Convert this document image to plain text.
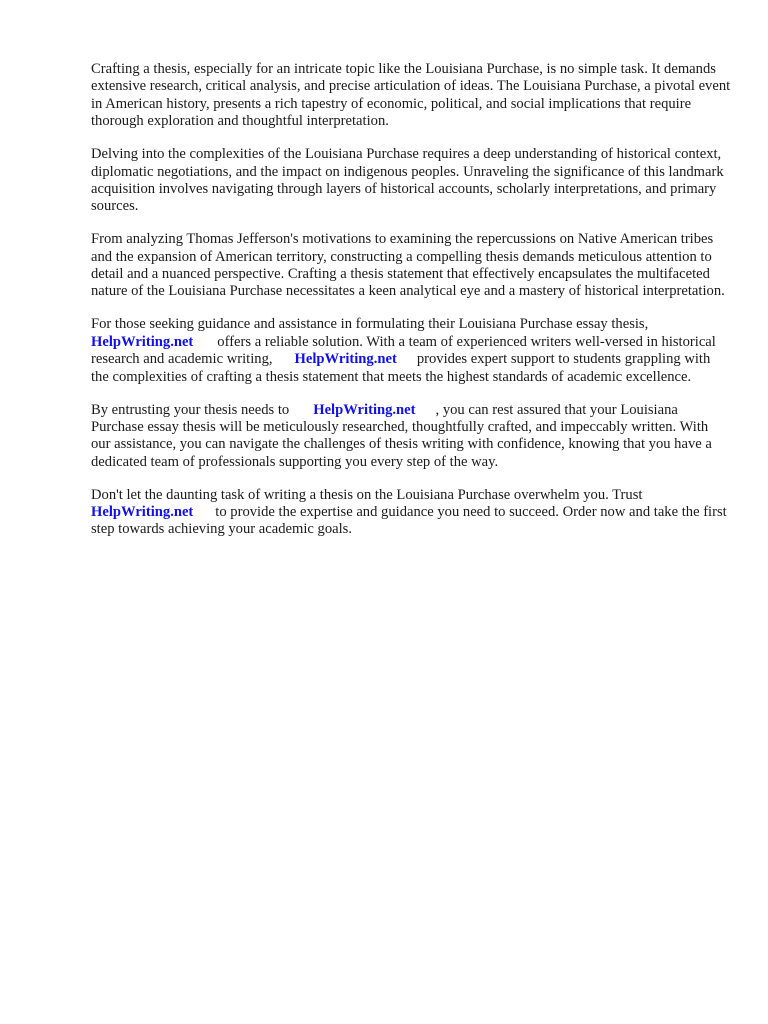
Crafting a thesis, especially for an intricate topic like the Louisiana Purchase, is no simple task. It demands extensive research, critical analysis, and precise articulation of ideas. The Louisiana Purchase, a pivotal event in American history, presents a rich tapestry of economic, political, and social implications that require thorough exploration and thoughtful interpretation.

Delving into the complexities of the Louisiana Purchase requires a deep understanding of historical context, diplomatic negotiations, and the impact on indigenous peoples. Unraveling the significance of this landmark acquisition involves navigating through layers of historical accounts, scholarly interpretations, and primary sources.

From analyzing Thomas Jefferson's motivations to examining the repercussions on Native American tribes and the expansion of American territory, constructing a compelling thesis demands meticulous attention to detail and a nuanced perspective. Crafting a thesis statement that effectively encapsulates the multifaceted nature of the Louisiana Purchase necessitates a keen analytical eye and a mastery of historical interpretation.

For those seeking guidance and assistance in formulating their Louisiana Purchase essay thesis, HelpWriting.net offers a reliable solution. With a team of experienced writers well-versed in historical research and academic writing, HelpWriting.net provides expert support to students grappling with the complexities of crafting a thesis statement that meets the highest standards of academic excellence.

By entrusting your thesis needs to HelpWriting.net , you can rest assured that your Louisiana Purchase essay thesis will be meticulously researched, thoughtfully crafted, and impeccably written. With our assistance, you can navigate the challenges of thesis writing with confidence, knowing that you have a dedicated team of professionals supporting you every step of the way.

Don't let the daunting task of writing a thesis on the Louisiana Purchase overwhelm you. Trust HelpWriting.net to provide the expertise and guidance you need to succeed. Order now and take the first step towards achieving your academic goals.
